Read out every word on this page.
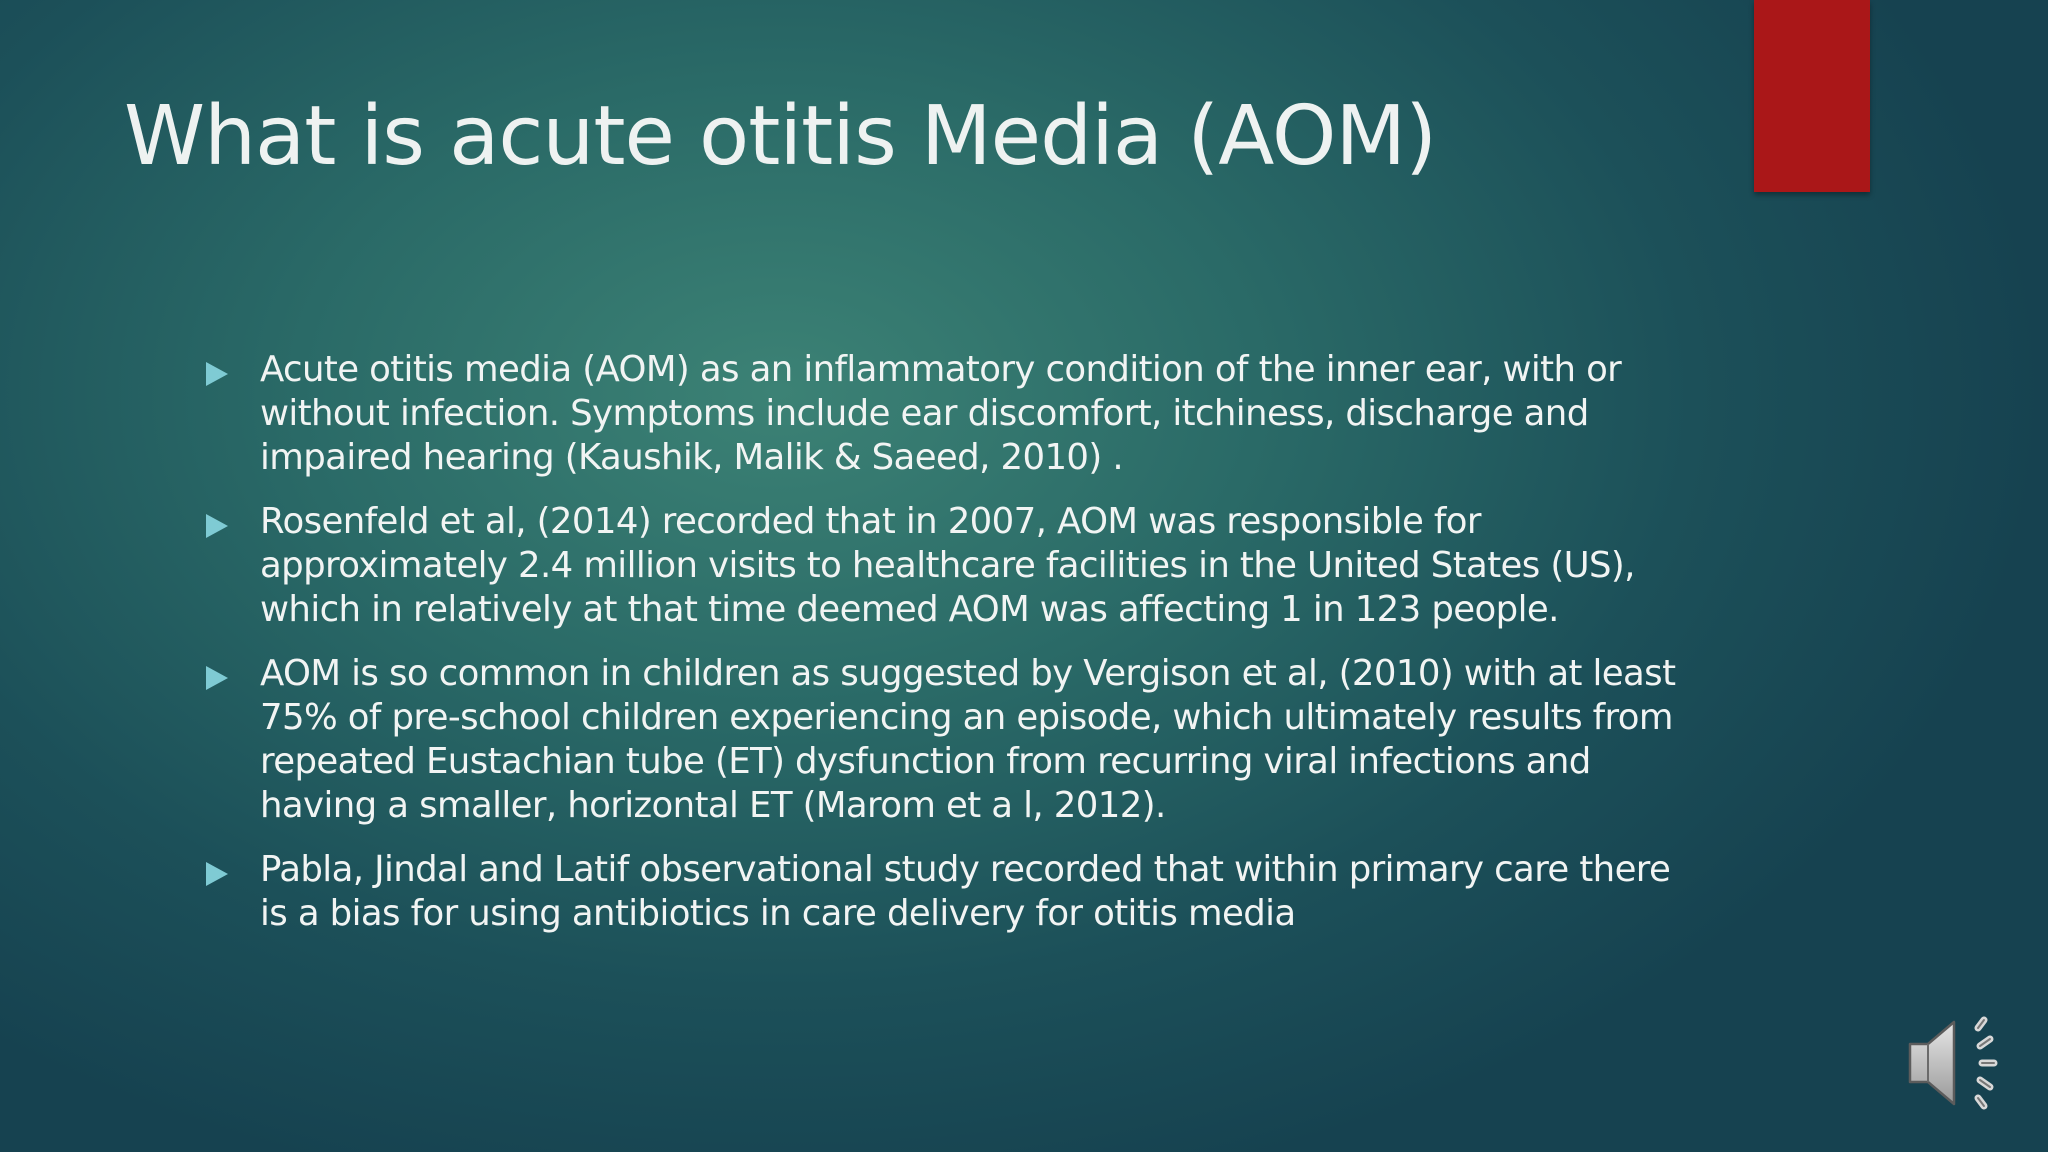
What is acute otitis Media (AOM)
Acute otitis media (AOM) as an inflammatory condition of the inner ear, with or without infection. Symptoms include ear discomfort, itchiness, discharge and impaired hearing (Kaushik, Malik & Saeed, 2010) .
Rosenfeld et al, (2014) recorded that in 2007, AOM was responsible for approximately 2.4 million visits to healthcare facilities in the United States (US), which in relatively at that time deemed AOM was affecting 1 in 123 people.
AOM is so common in children as suggested by Vergison et al, (2010) with at least 75% of pre-school children experiencing an episode, which ultimately results from repeated Eustachian tube (ET) dysfunction from recurring viral infections and having a smaller, horizontal ET (Marom et a l, 2012).
Pabla, Jindal and Latif observational study recorded that within primary care there is a bias for using antibiotics in care delivery for otitis media
